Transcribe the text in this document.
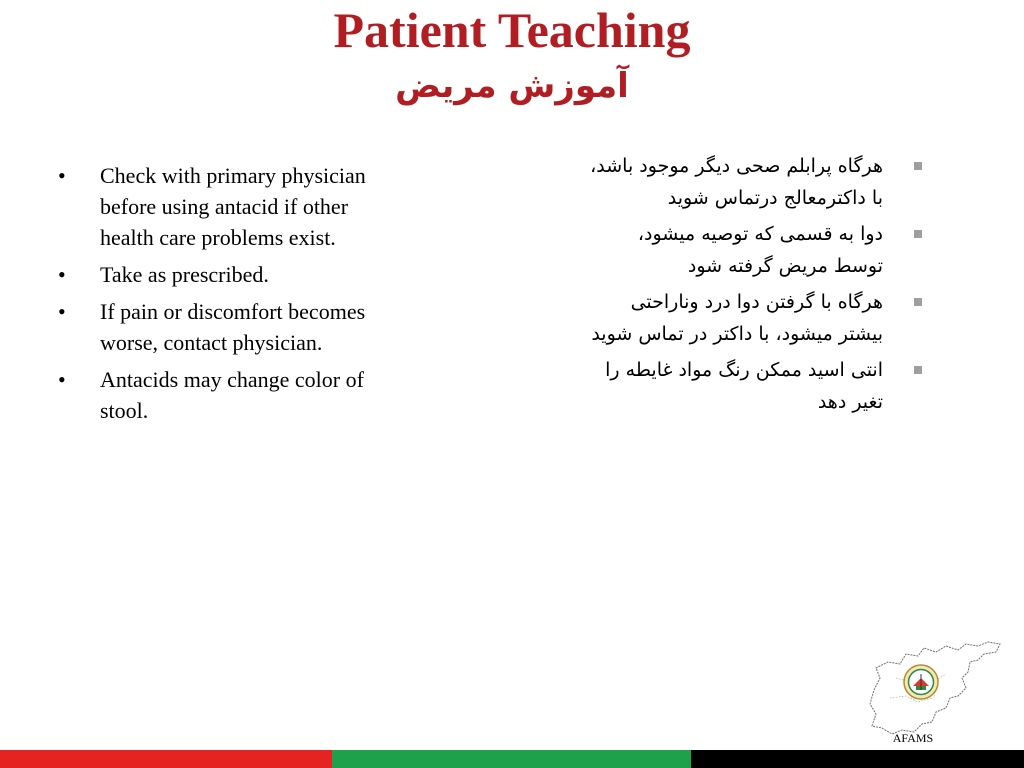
Patient Teaching
آموزش مریض
• Check with primary physician before using antacid if other health care problems exist.
• Take as prescribed.
• If pain or discomfort becomes worse, contact physician.
• Antacids may change color of stool.
هرگاه پرابلم صحی دیگر موجود باشد، با داکترمعالج درتماس شوید
دوا به قسمی که توصیه میشود، توسط مریض گرفته شود
هرگاه با گرفتن دوا درد وناراحتی بیشتر میشود، با داکتر در تماس شوید
انتی اسید ممکن رنگ مواد غایطه را تغیر دهد
AFAMS
